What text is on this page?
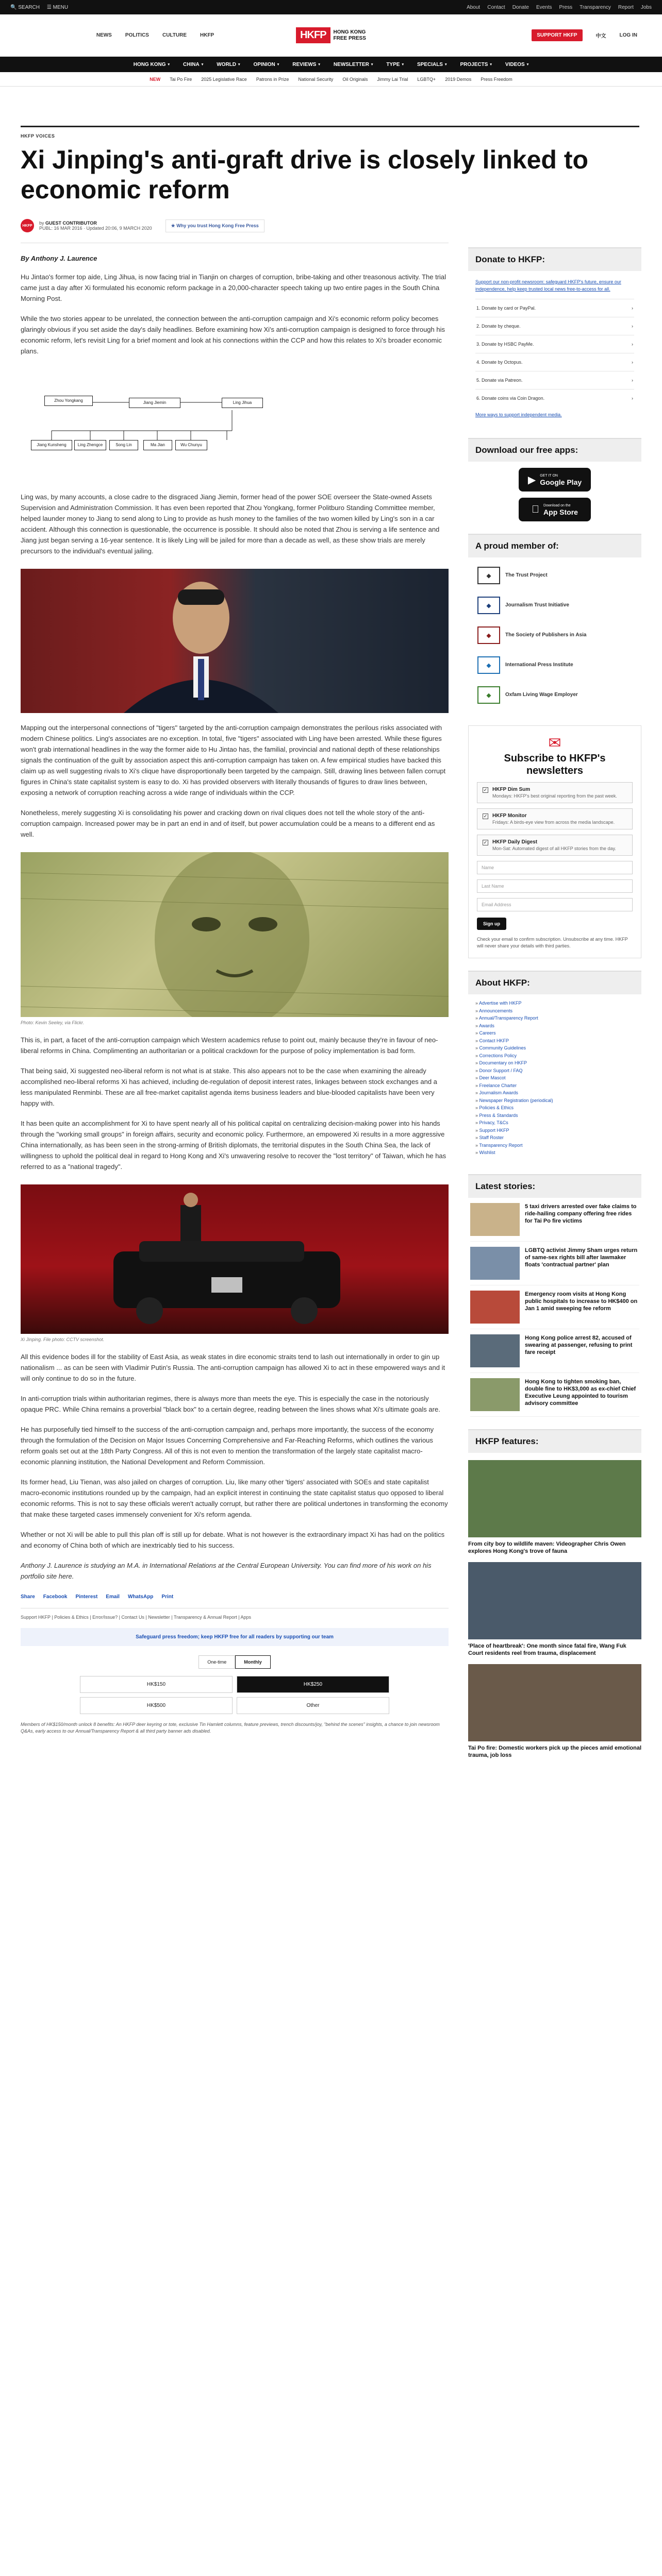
🔍 SEARCH ☰ MENU	About Contact Donate Events Press Transparency Report Jobs
NEWS	POLITICS	CULTURE	HKFP	HKFP	HONG KONG
FREE PRESS	SUPPORT HKFP	中文	LOG IN
HONG KONG ▾	CHINA ▾	WORLD ▾	OPINION ▾	REVIEWS ▾	NEWSLETTER ▾	TYPE ▾	SPECIALS ▾	PROJECTS ▾	VIDEOS ▾
NEW Tai Po Fire 2025 Legislative Race Patrons in Prize National Security Oil Originals Jimmy Lai Trial LGBTQ+ 2019 Demos Press Freedom
HKFP VOICES
Xi Jinping's anti-graft drive is closely linked to economic reform
HKFP	by GUEST CONTRIBUTOR
PUBL: 16 MAR 2016 · Updated 20:06, 9 MARCH 2020
★ Why you trust Hong Kong Free Press
By Anthony J. Laurence

Hu Jintao's former top aide, Ling Jihua, is now facing trial in Tianjin on charges of corruption, bribe-taking and other treasonous activity. The trial came just a day after Xi formulated his economic reform package in a 20,000-character speech taking up two entire pages in the South China Morning Post.

While the two stories appear to be unrelated, the connection between the anti-corruption campaign and Xi's economic reform policy becomes glaringly obvious if you set aside the day's daily headlines. Before examining how Xi's anti-corruption campaign is designed to force through his economic reform, let's revisit Ling for a brief moment and look at his connections within the CCP and how this relates to Xi's broader economic plans.

Zhou Yongkang	Jiang Jiemin	Ling Jihua
Jiang Kunsheng	Ling Zhengce	Song Lin	Ma Jian	Wu Chunyu

Ling was, by many accounts, a close cadre to the disgraced Jiang Jiemin, former head of the power SOE overseer the State-owned Assets Supervision and Administration Commission. It has even been reported that Zhou Yongkang, former Politburo Standing Committee member, helped launder money to Jiang to send along to Ling to provide as hush money to the families of the two women killed by Ling's son in a car accident. Although this connection is questionable, the occurrence is possible. It should also be noted that Zhou is serving a life sentence and Jiang just began serving a 16-year sentence. It is likely Ling will be jailed for more than a decade as well, as these show trials are merely precursors to the individual's eventual jailing.

Mapping out the interpersonal connections of "tigers" targeted by the anti-corruption campaign demonstrates the perilous risks associated with modern Chinese politics. Ling's associates are no exception. In total, five "tigers" associated with Ling have been arrested. While these figures won't grab international headlines in the way the former aide to Hu Jintao has, the familial, provincial and national depth of these relationships signals the continuation of the guilt by association aspect this anti-corruption campaign has taken on. A few empirical studies have backed this claim up as well suggesting rivals to Xi's clique have disproportionally been targeted by the campaign. Still, drawing lines between fallen corrupt figures in China's state capitalist system is easy to do. Xi has provided observers with literally thousands of figures to draw lines between, exposing a network of corruption reaching across a wide range of individuals within the CCP.

Nonetheless, merely suggesting Xi is consolidating his power and cracking down on rival cliques does not tell the whole story of the anti-corruption campaign. Increased power may be in part an end in and of itself, but power accumulation could be a means to a different end as well.

Photo: Kevin Seeley, via Flickr.

This is, in part, a facet of the anti-corruption campaign which Western academics refuse to point out, mainly because they're in favour of neo-liberal reforms in China. Complimenting an authoritarian or a political crackdown for the purpose of policy implementation is bad form.

That being said, Xi suggested neo-liberal reform is not what is at stake. This also appears not to be the case when examining the already accomplished neo-liberal reforms Xi has achieved, including de-regulation of deposit interest rates, linkages between stock exchanges and a less manipulated Renminbi. These are all free-market capitalist agenda items business leaders and blue-blooded capitalists have been very happy with.

It has been quite an accomplishment for Xi to have spent nearly all of his political capital on centralizing decision-making power into his hands through the "working small groups" in foreign affairs, security and economic policy. Furthermore, an empowered Xi results in a more aggressive China internationally, as has been seen in the strong-arming of British diplomats, the territorial disputes in the South China Sea, the lack of willingness to uphold the political deal in regard to Hong Kong and Xi's unwavering resolve to recover the "lost territory" of Taiwan, which he has referred to as a "national tragedy".

Xi Jinping. File photo: CCTV screenshot.

All this evidence bodes ill for the stability of East Asia, as weak states in dire economic straits tend to lash out internationally in order to gin up nationalism ... as can be seen with Vladimir Putin's Russia. The anti-corruption campaign has allowed Xi to act in these empowered ways and it will only continue to do so in the future.

In anti-corruption trials within authoritarian regimes, there is always more than meets the eye. This is especially the case in the notoriously opaque PRC. While China remains a proverbial "black box" to a certain degree, reading between the lines shows what Xi's ultimate goals are.

He has purposefully tied himself to the success of the anti-corruption campaign and, perhaps more importantly, the success of the economy through the formulation of the Decision on Major Issues Concerning Comprehensive and Far-Reaching Reforms, which outlines the various reform goals set out at the 18th Party Congress. All of this is not even to mention the transformation of the largely state capitalist macro-economic planning institution, the National Development and Reform Commission.

Its former head, Liu Tienan, was also jailed on charges of corruption. Liu, like many other 'tigers' associated with SOEs and state capitalist macro-economic institutions rounded up by the campaign, had an explicit interest in continuing the state capitalist status quo opposed to liberal economic reforms. This is not to say these officials weren't actually corrupt, but rather there are political undertones in transforming the economy that make these targeted cases immensely convenient for Xi's reform agenda.

Whether or not Xi will be able to pull this plan off is still up for debate. What is not however is the extraordinary impact Xi has had on the politics and economy of China both of which are inextricably tied to his success.

Anthony J. Laurence is studying an M.A. in International Relations at the Central European University. You can find more of his work on his portfolio site here.

Share Facebook Pinterest Email WhatsApp Print
Support HKFP | Policies & Ethics | Error/Issue? | Contact Us | Newsletter | Transparency & Annual Report | Apps
Safeguard press freedom; keep HKFP free for all readers by supporting our team
One-time	Monthly
HK$150	HK$250
HK$500	Other
Members of HK$150/month unlock 8 benefits: An HKFP deer keyring or tote, exclusive Tin Hamlett columns, feature previews, trench discounts/joy, "behind the scenes" insights, a chance to join newsroom Q&As, early access to our Annual/Transparency Report & all third party banner ads disabled.
Donate to HKFP:
Support our non-profit newsroom: safeguard HKFP's future, ensure our independence, help keep trusted local news free-to-access for all.
1. Donate by card or PayPal.	›
2. Donate by cheque.	›
3. Donate by HSBC PayMe.	›
4. Donate by Octopus.	›
5. Donate via Patreon.	›
6. Donate coins via Coin Dragon.	›
More ways to support independent media.
Download our free apps:
▶ GET IT ON
Google Play
Download on the
App Store
A proud member of:
◆	The Trust Project
◆	Journalism Trust Initiative
◆	The Society of Publishers in Asia
◆	International Press Institute
◆	Oxfam Living Wage Employer
✉
Subscribe to HKFP's newsletters
✓ HKFP Dim Sum
Mondays: HKFP's best original reporting from the past week.
✓ HKFP Monitor
Fridays: A birds-eye view from across the media landscape.
✓ HKFP Daily Digest
Mon-Sat: Automated digest of all HKFP stories from the day.
Name
Last Name
Email Address
Sign up
Check your email to confirm subscription. Unsubscribe at any time. HKFP will never share your details with third parties.
About HKFP:
» Advertise with HKFP
» Announcements
» Annual/Transparency Report
» Awards
» Careers
» Contact HKFP
» Community Guidelines
» Corrections Policy
» Documentary on HKFP
» Donor Support / FAQ
» Deer Mascot
» Freelance Charter
» Journalism Awards
» Newspaper Registration (periodical)
» Policies & Ethics
» Press & Standards
» Privacy, T&Cs
» Support HKFP
» Staff Roster
» Transparency Report
» Wishlist
Latest stories:
5 taxi drivers arrested over fake claims to ride-hailing company offering free rides for Tai Po fire victims
LGBTQ activist Jimmy Sham urges return of same-sex rights bill after lawmaker floats 'contractual partner' plan
Emergency room visits at Hong Kong public hospitals to increase to HK$400 on Jan 1 amid sweeping fee reform
Hong Kong police arrest 82, accused of swearing at passenger, refusing to print fare receipt
Hong Kong to tighten smoking ban, double fine to HK$3,000 as ex-chief Chief Executive Leung appointed to tourism advisory committee
HKFP features:
From city boy to wildlife maven: Videographer Chris Owen explores Hong Kong's trove of fauna
'Place of heartbreak': One month since fatal fire, Wang Fuk Court residents reel from trauma, displacement
Tai Po fire: Domestic workers pick up the pieces amid emotional trauma, job loss
